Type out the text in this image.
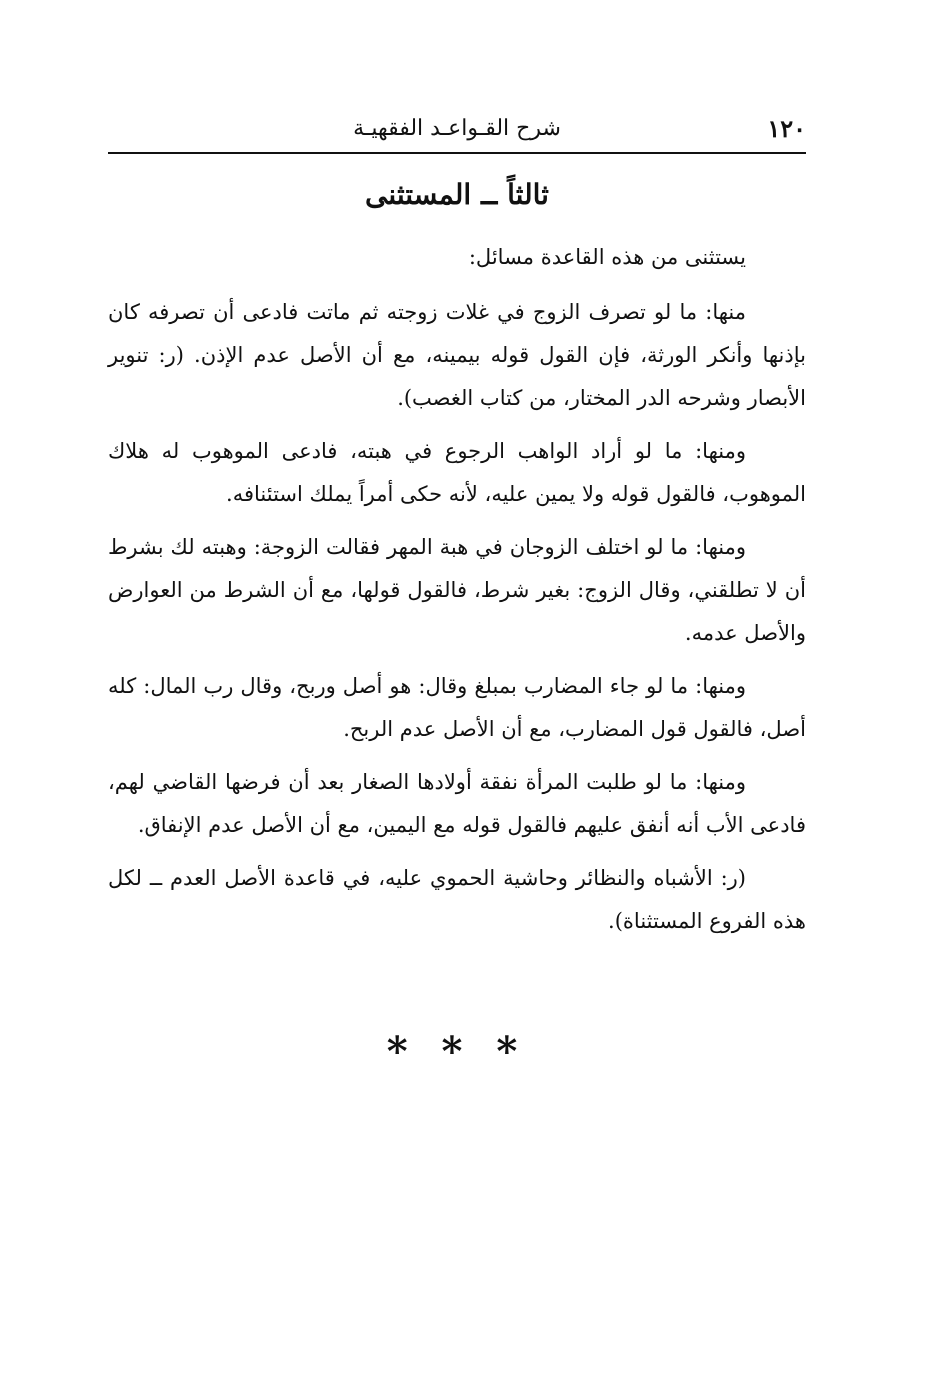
١٢٠
شرح القـواعـد الفقهيـة
ثالثاً ــ المستثنى

يستثنى من هذه القاعدة مسائل:

منها: ما لو تصرف الزوج في غلات زوجته ثم ماتت فادعى أن تصرفه كان بإذنها وأنكر الورثة، فإن القول قوله بيمينه، مع أن الأصل عدم الإذن. (ر: تنوير الأبصار وشرحه الدر المختار، من كتاب الغصب).

ومنها: ما لو أراد الواهب الرجوع في هبته، فادعى الموهوب له هلاك الموهوب، فالقول قوله ولا يمين عليه، لأنه حكى أمراً يملك استئنافه.

ومنها: ما لو اختلف الزوجان في هبة المهر فقالت الزوجة: وهبته لك بشرط أن لا تطلقني، وقال الزوج: بغير شرط، فالقول قولها، مع أن الشرط من العوارض والأصل عدمه.

ومنها: ما لو جاء المضارب بمبلغ وقال: هو أصل وربح، وقال رب المال: كله أصل، فالقول قول المضارب، مع أن الأصل عدم الربح.

ومنها: ما لو طلبت المرأة نفقة أولادها الصغار بعد أن فرضها القاضي لهم، فادعى الأب أنه أنفق عليهم فالقول قوله مع اليمين، مع أن الأصل عدم الإنفاق.

(ر: الأشباه والنظائر وحاشية الحموي عليه، في قاعدة الأصل العدم ــ لكل هذه الفروع المستثناة).

* * *
